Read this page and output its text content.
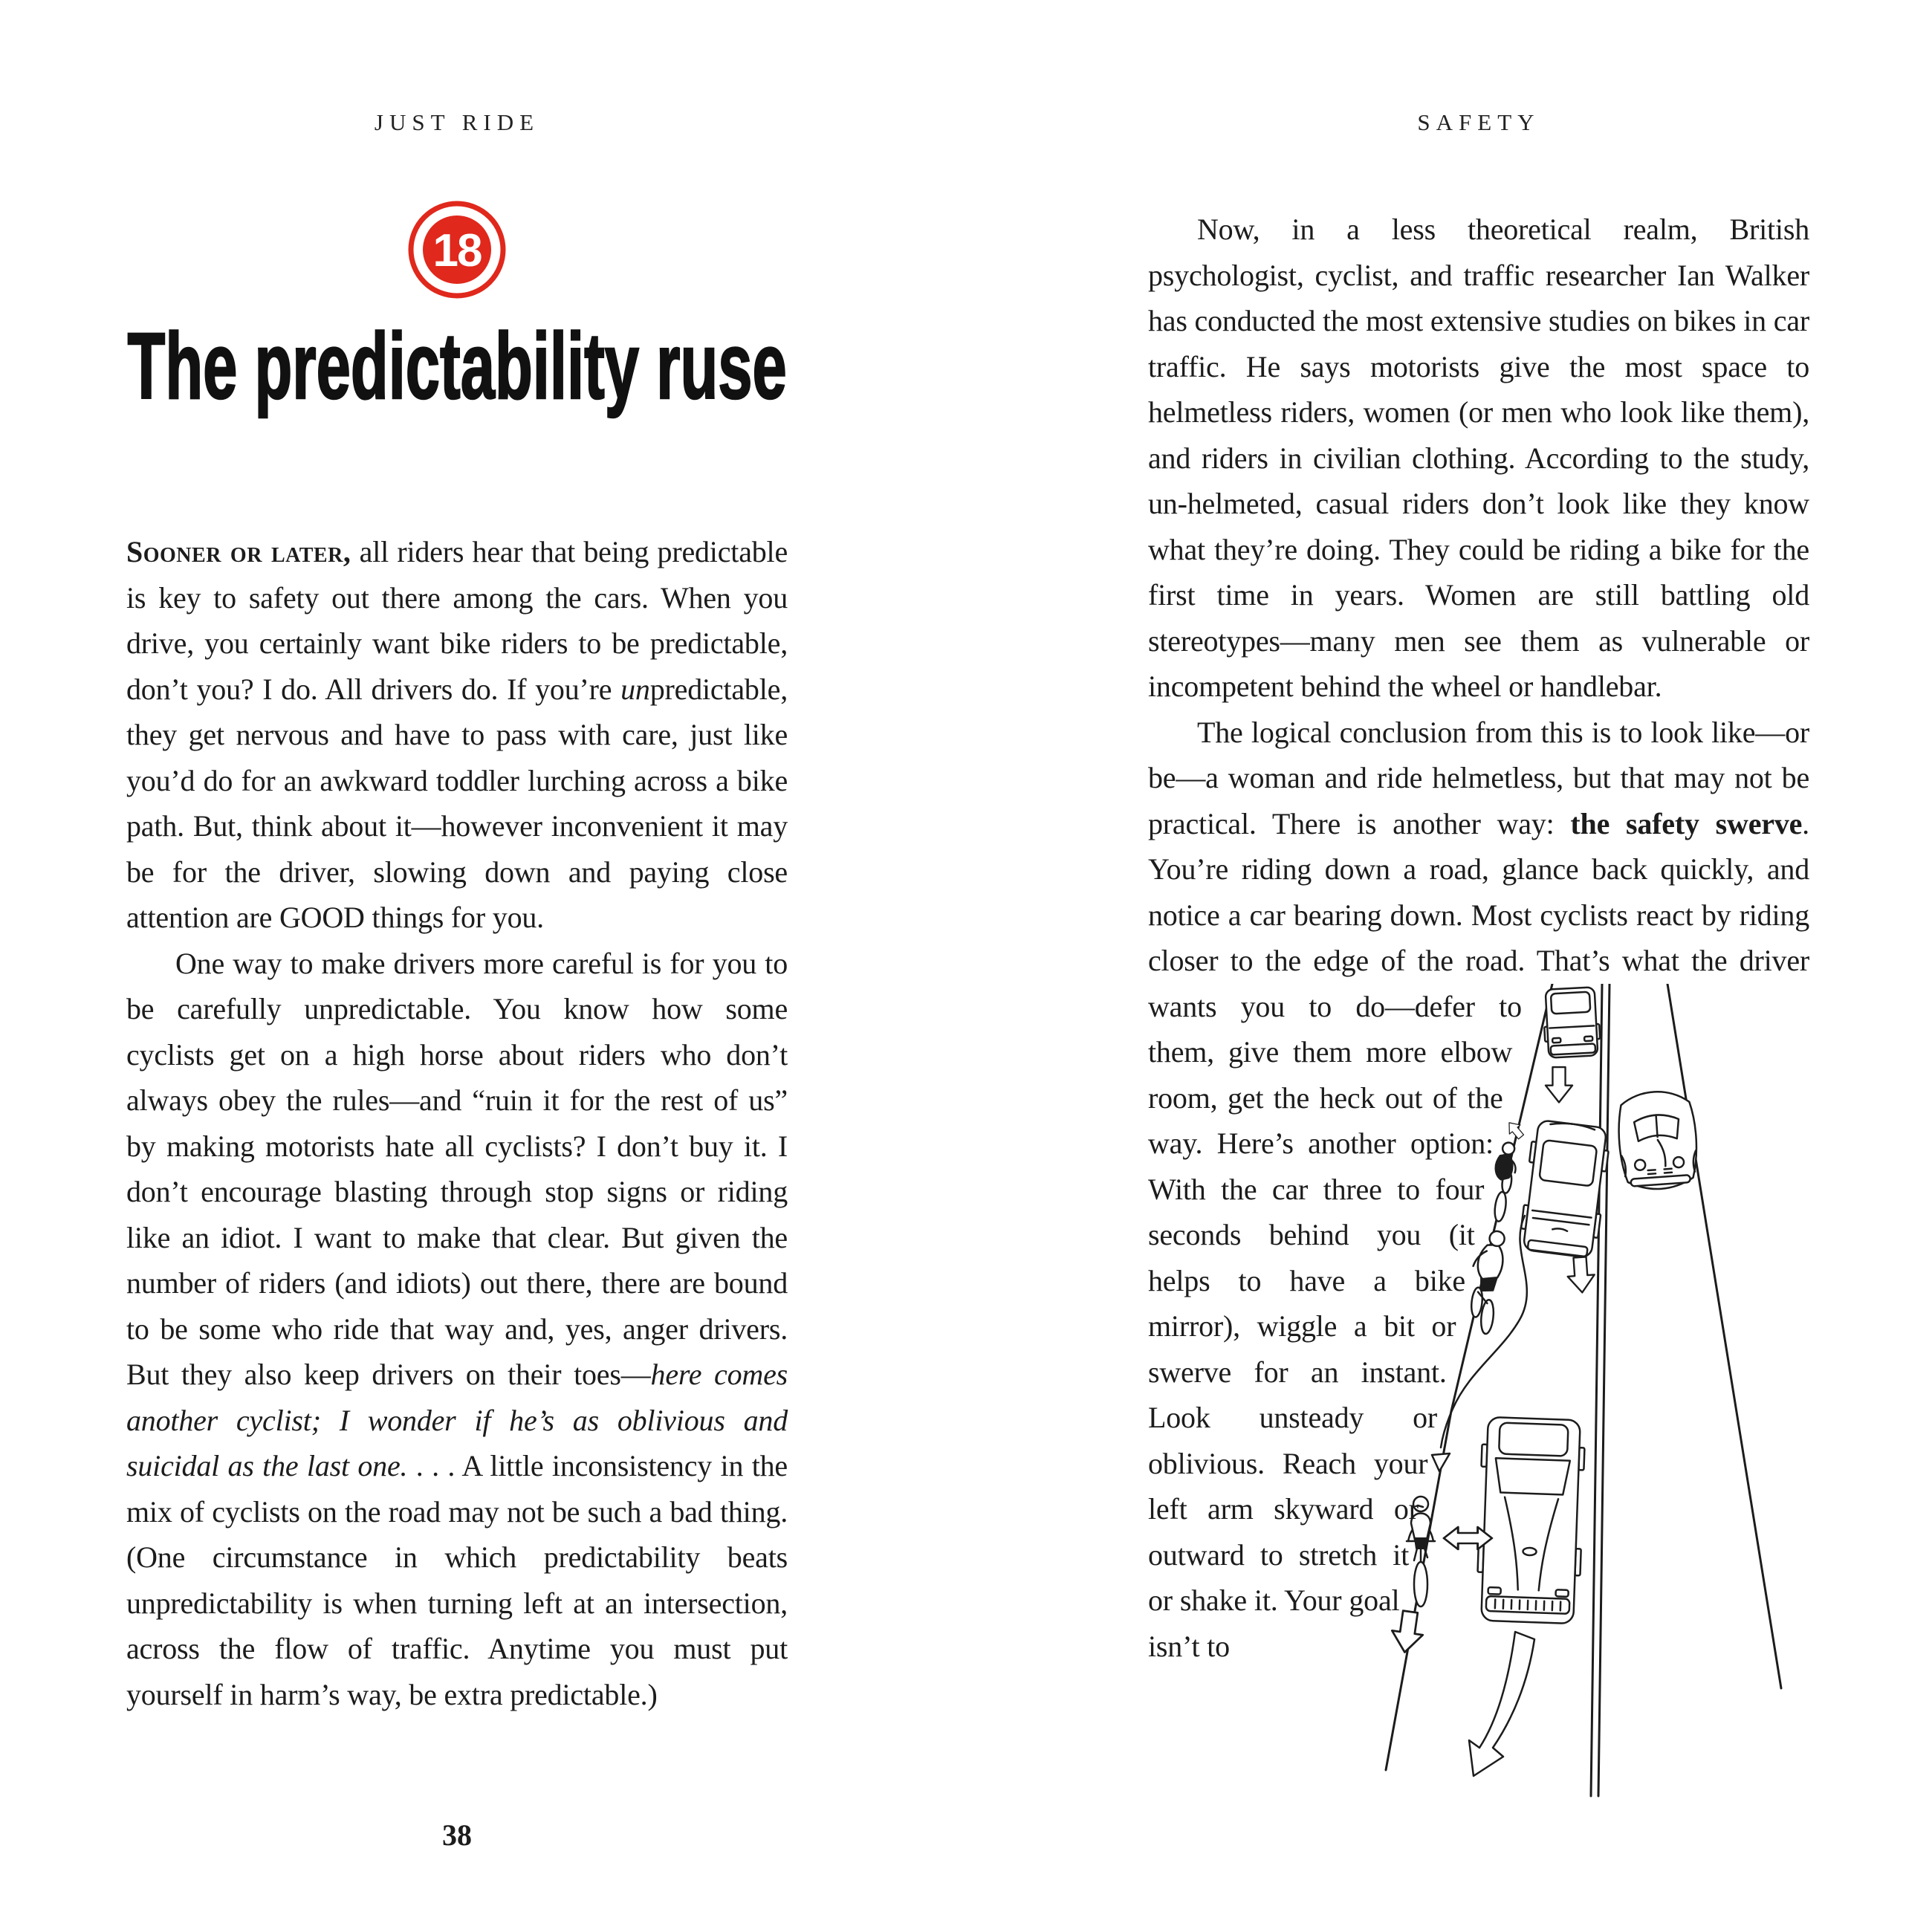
JUST RIDE	SAFETY
18
The predictability ruse

Sooner or later, all riders hear that being predictable is key to safety out there among the cars. When you drive, you certainly want bike riders to be predictable, don’t you? I do. All drivers do. If you’re unpredictable, they get nervous and have to pass with care, just like you’d do for an awkward toddler lurching across a bike path. But, think about it—however inconvenient it may be for the driver, slowing down and paying close attention are GOOD things for you.

One way to make drivers more careful is for you to be carefully unpredictable. You know how some cyclists get on a high horse about riders who don’t always obey the rules—and “ruin it for the rest of us” by making motorists hate all cyclists? I don’t buy it. I don’t encourage blasting through stop signs or riding like an idiot. I want to make that clear. But given the number of riders (and idiots) out there, there are bound to be some who ride that way and, yes, anger drivers. But they also keep drivers on their toes—here comes another cyclist; I wonder if he’s as oblivious and suicidal as the last one. . . . A little inconsistency in the mix of cyclists on the road may not be such a bad thing. (One circumstance in which predictability beats unpredictability is when turning left at an intersection, across the flow of traffic. Anytime you must put yourself in harm’s way, be extra predictable.)

38

Now, in a less theoretical realm, British psychologist, cyclist, and traffic researcher Ian Walker has conducted the most extensive studies on bikes in car traffic. He says motorists give the most space to helmetless riders, women (or men who look like them), and riders in civilian clothing. According to the study, un-helmeted, casual riders don’t look like they know what they’re doing. They could be riding a bike for the first time in years. Women are still battling old stereotypes—many men see them as vulnerable or incompetent behind the wheel or handlebar.

The logical conclusion from this is to look like—or be—a woman and ride helmetless, but that may not be practical. There is another way: the safety swerve. You’re riding down a road, glance back quickly, and notice a car bearing down. Most cyclists react by riding closer to the edge of the
road. That’s what the driver wants you to do—defer to them, give them more elbow room, get the heck out of the way. Here’s another option: With the car three to four seconds behind you (it helps to have a bike mirror), wiggle a bit or swerve for an instant. Look unsteady or oblivious. Reach your left arm skyward or outward to stretch it or shake it. Your goal isn’t to
